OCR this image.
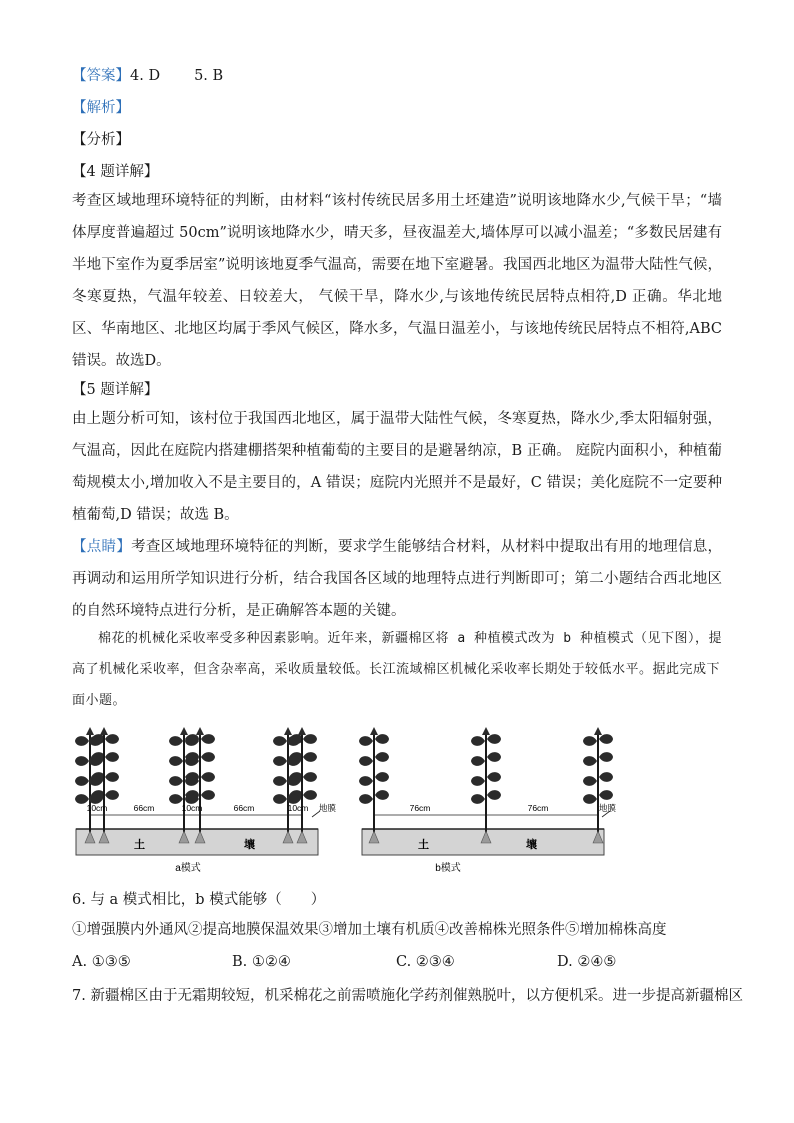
【答案】4. D 5. B
【解析】
【分析】
【4 题详解】

考查区域地理环境特征的判断，由材料“该村传统民居多用土坯建造”说明该地降水少,气候干旱；“墙体厚度普遍超过 50cm”说明该地降水少，晴天多，昼夜温差大,墙体厚可以减小温差；“多数民居建有半地下室作为夏季居室”说明该地夏季气温高，需要在地下室避暑。我国西北地区为温带大陆性气候，冬寒夏热，气温年较差、日较差大， 气候干旱，降水少,与该地传统民居特点相符,D 正确。华北地区、华南地区、北地区均属于季风气候区，降水多，气温日温差小，与该地传统民居特点不相符,ABC 错误。故选D。

【5 题详解】

由上题分析可知，该村位于我国西北地区，属于温带大陆性气候，冬寒夏热，降水少,季太阳辐射强，气温高，因此在庭院内搭建棚搭架种植葡萄的主要目的是避暑纳凉，B 正确。 庭院内面积小，种植葡萄规模太小,增加收入不是主要目的，A 错误；庭院内光照并不是最好，C 错误；美化庭院不一定要种植葡萄,D 错误；故选 B。

【点睛】考查区域地理环境特征的判断，要求学生能够结合材料，从材料中提取出有用的地理信息，再调动和运用所学知识进行分析，结合我国各区域的地理特点进行判断即可；第二小题结合西北地区的自然环境特点进行分析，是正确解答本题的关键。

棉花的机械化采收率受多种因素影响。近年来，新疆棉区将 a 种植模式改为 b 种植模式（见下图），提高了机械化采收率，但含杂率高，采收质量较低。长江流域棉区机械化采收率长期处于较低水平。据此完成下面小题。

10cm	66cm	10cm	66cm	10cm 地膜
土	壤
a模式
76cm	76cm	地膜
土	壤
b模式
6. 与 a 模式相比，b 模式能够（　　）
①增强膜内外通风②提高地膜保温效果③增加土壤有机质④改善棉株光照条件⑤增加棉株高度
A. ①③⑤	B. ①②④	C. ②③④	D. ②④⑤
7. 新疆棉区由于无霜期较短，机采棉花之前需喷施化学药剂催熟脱叶，以方便机采。进一步提高新疆棉区
